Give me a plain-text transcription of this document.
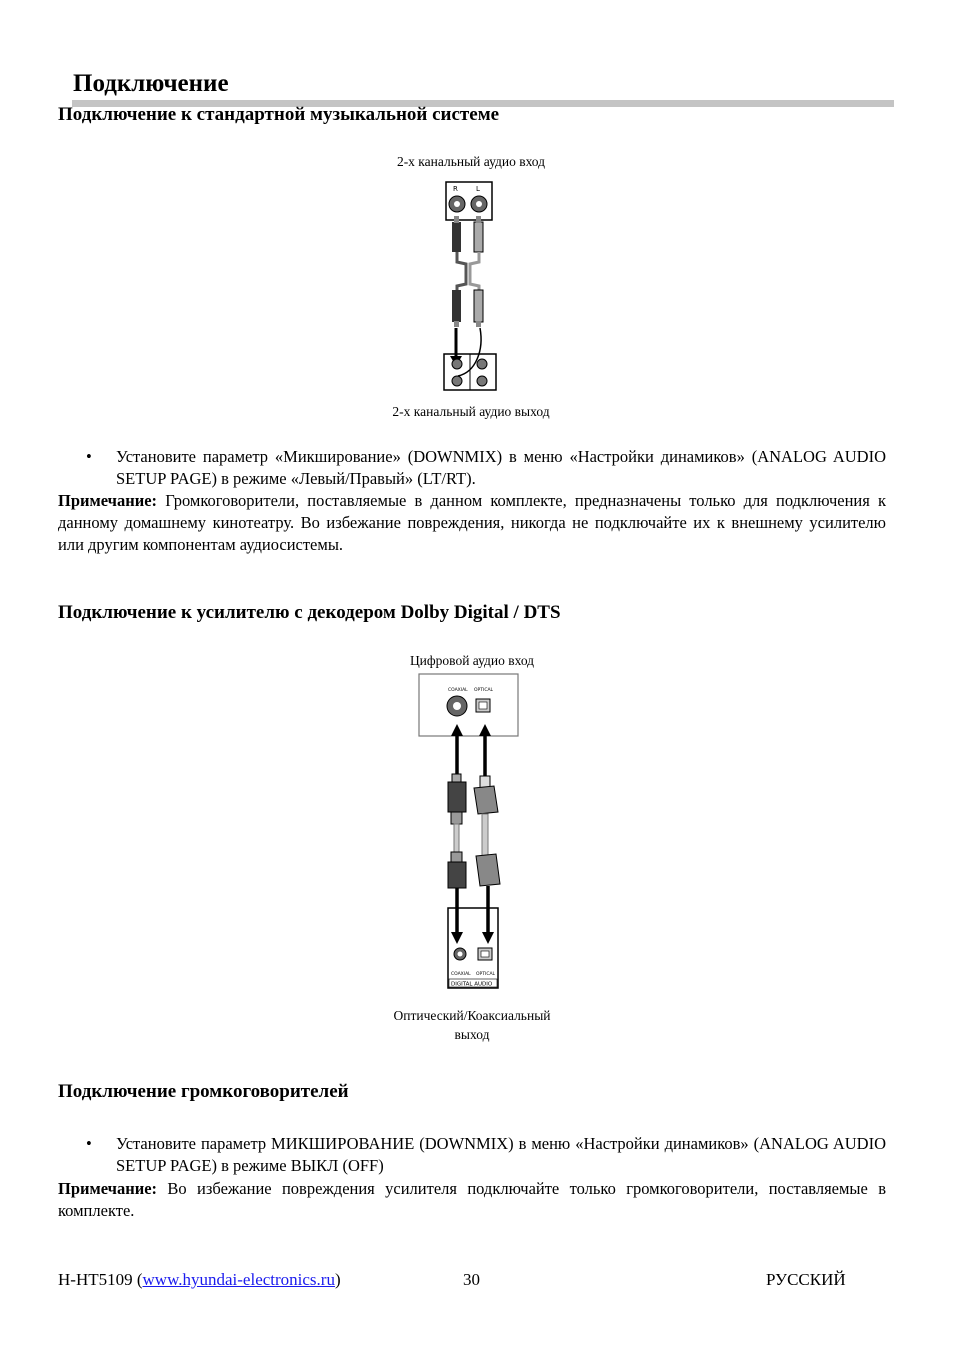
Подключение
Подключение к стандартной музыкальной системе
2-х канальный аудио вход
R	L
2-х канальный аудио выход
• Установите параметр «Микширование» (DOWNMIX) в меню «Настройки динамиков» (ANALOG AUDIO SETUP PAGE) в режиме «Левый/Правый» (LT/RT).
Примечание: Громкоговорители, поставляемые в данном комплекте, предназначены только для подключения к данному домашнему кинотеатру. Во избежание повреждения, никогда не подключайте их к внешнему усилителю или другим компонентам аудиосистемы.
Подключение к усилителю с декодером Dolby Digital / DTS
Цифровой аудио вход
COAXIAL OPTICAL
COAXIAL OPTICAL
DIGITAL AUDIO
Оптический/Коаксиальный
выход
Подключение громкоговорителей
• Установите параметр МИКШИРОВАНИЕ (DOWNMIX) в меню «Настройки динамиков» (ANALOG AUDIO SETUP PAGE) в режиме ВЫКЛ (OFF)
Примечание: Во избежание повреждения усилителя подключайте только громкоговорители, поставляемые в комплекте.
H-HT5109 (www.hyundai-electronics.ru)	30	РУССКИЙ
